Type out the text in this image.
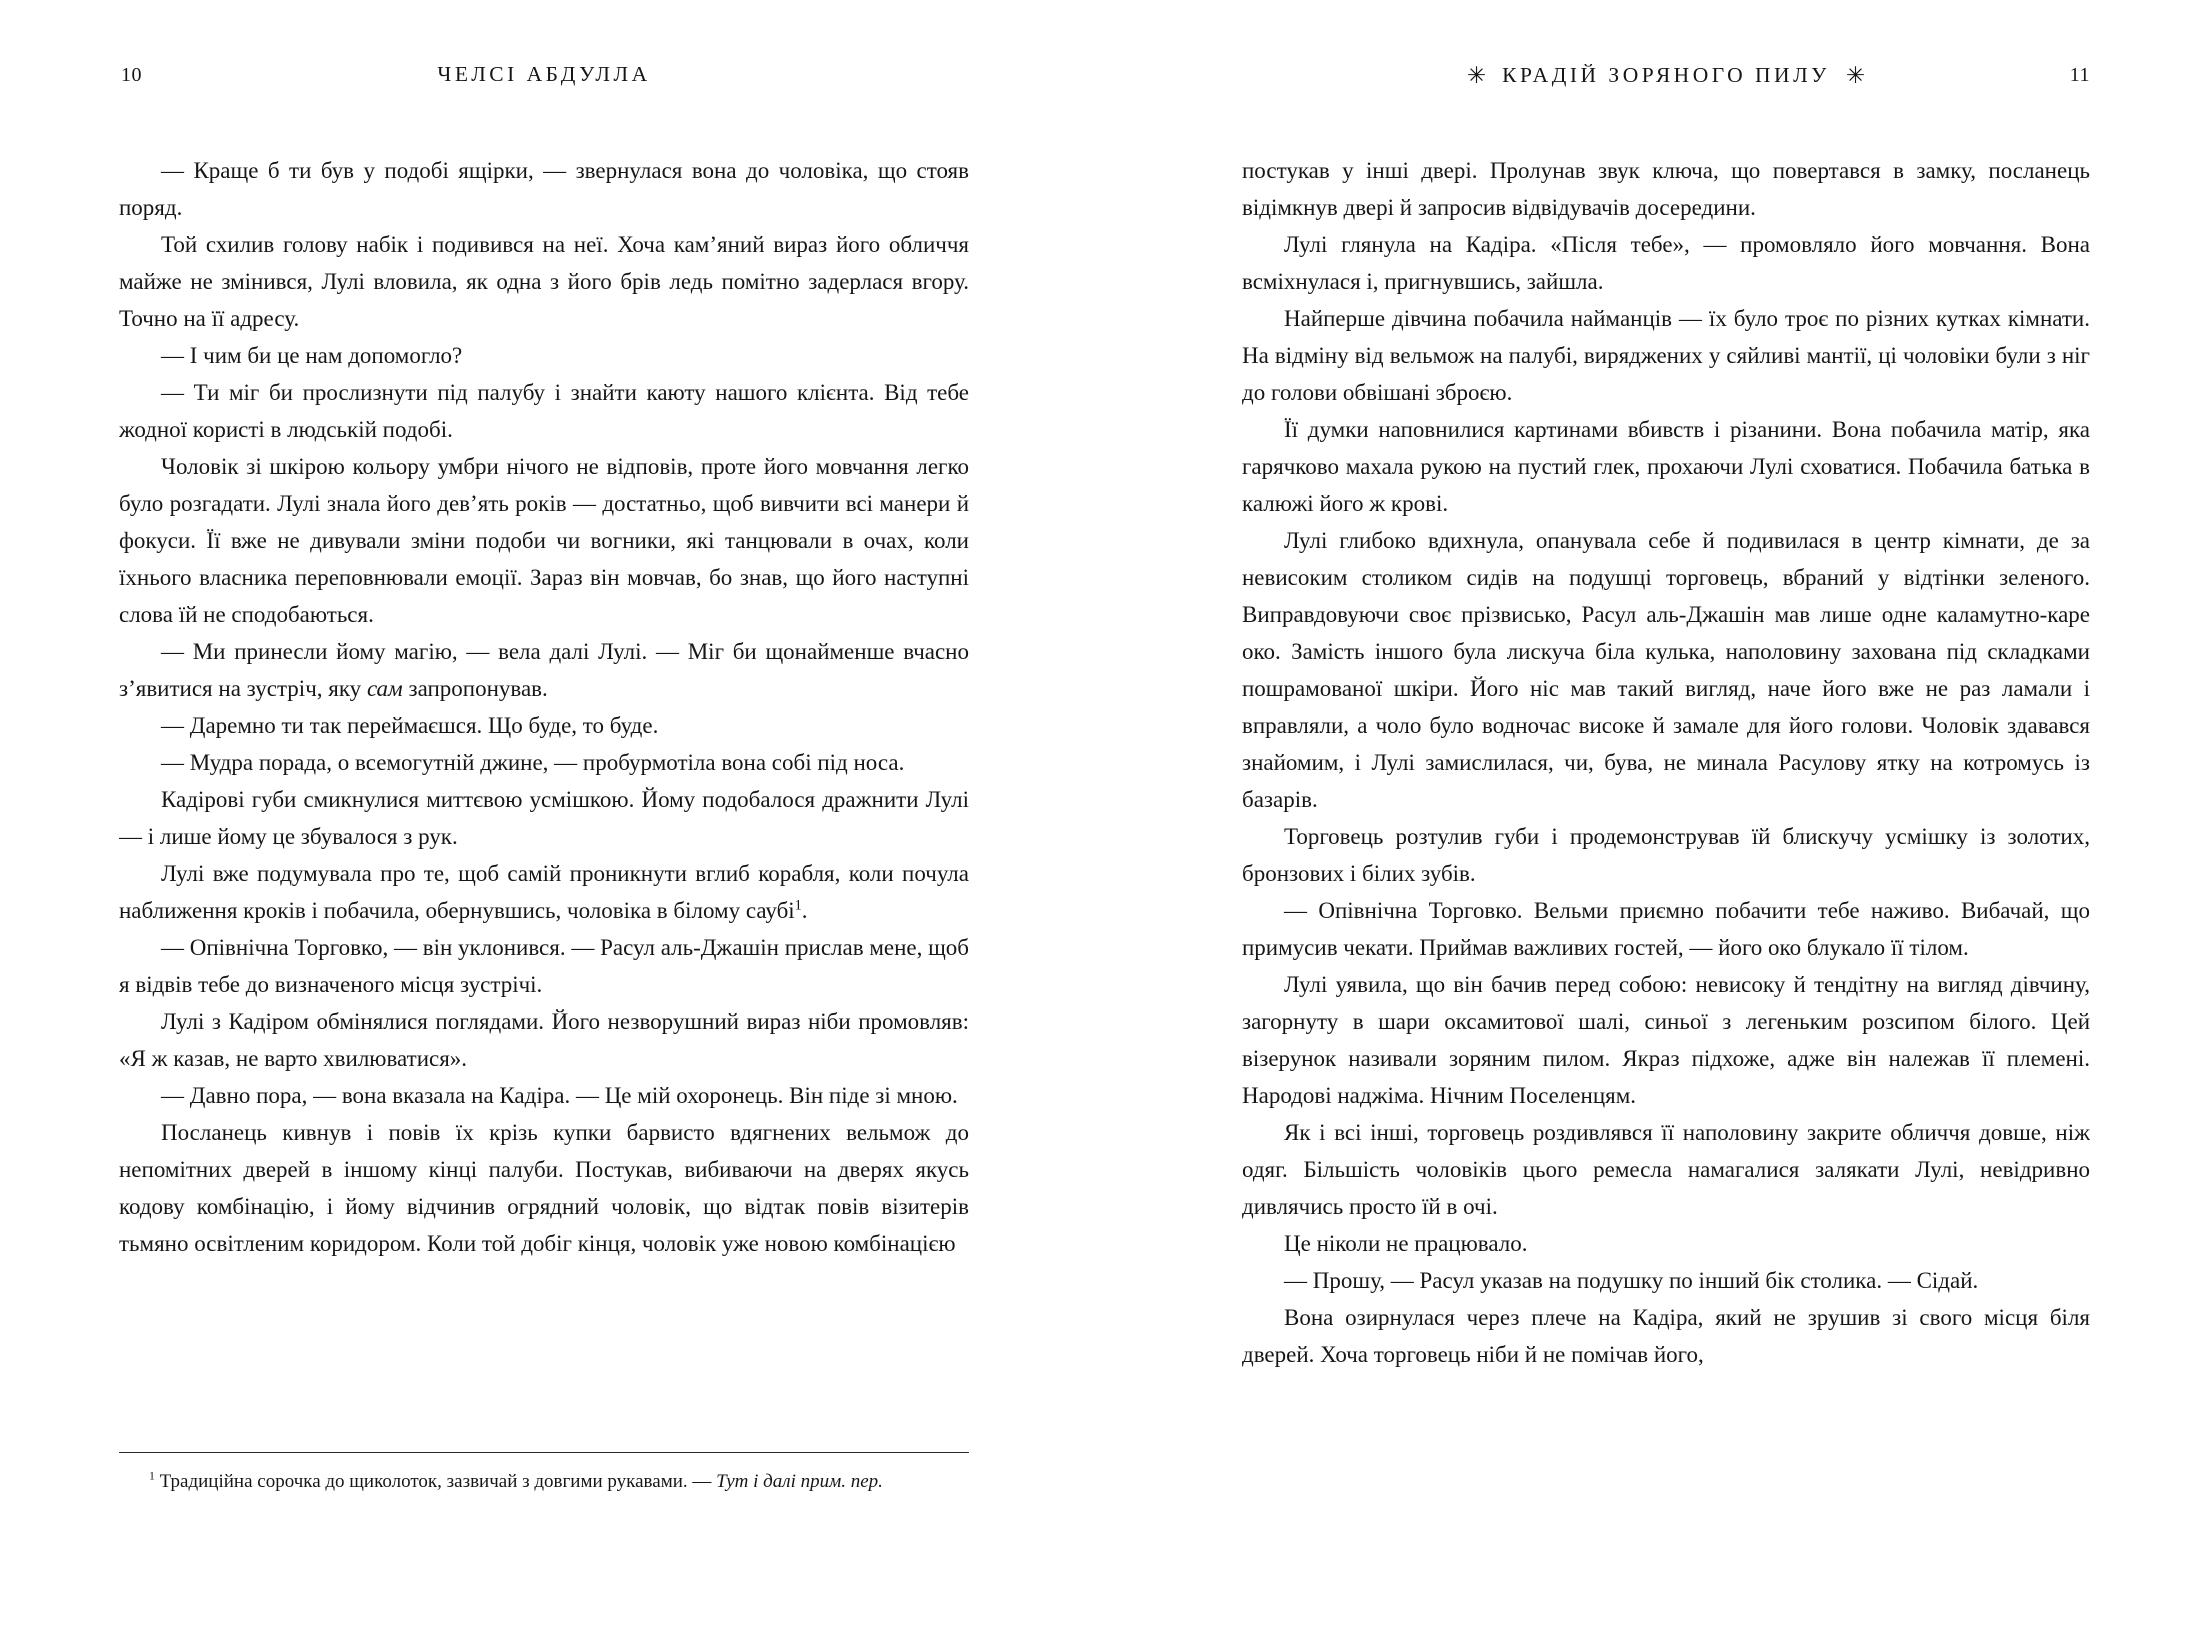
10	ЧЕЛСІ АБДУЛЛА

— Краще б ти був у подобі ящірки, — звернулася вона до чоловіка, що стояв поряд.

Той схилив голову набік і подивився на неї. Хоча кам’яний вираз його обличчя майже не змінився, Лулі вловила, як одна з його брів ледь помітно задерлася вгору. Точно на її адресу.

— І чим би це нам допомогло?

— Ти міг би прослизнути під палубу і знайти каюту нашого клієнта. Від тебе жодної користі в людській подобі.

Чоловік зі шкірою кольору умбри нічого не відповів, проте його мовчання легко було розгадати. Лулі знала його дев’ять років — достатньо, щоб вивчити всі манери й фокуси. Її вже не дивували зміни подоби чи вогники, які танцювали в очах, коли їхнього власника переповнювали емоції. Зараз він мовчав, бо знав, що його наступні слова їй не сподобаються.

— Ми принесли йому магію, — вела далі Лулі. — Міг би щонайменше вчасно з’явитися на зустріч, яку сам запропонував.

— Даремно ти так переймаєшся. Що буде, то буде.

— Мудра порада, о всемогутній джине, — пробурмотіла вона собі під носа.

Кадірові губи смикнулися миттєвою усмішкою. Йому подобалося дражнити Лулі — і лише йому це збувалося з рук.

Лулі вже подумувала про те, щоб самій проникнути вглиб корабля, коли почула наближення кроків і побачила, обернувшись, чоловіка в білому саубі$^1$.

— Опівнічна Торговко, — він уклонився. — Расул аль-Джашін прислав мене, щоб я відвів тебе до визначеного місця зустрічі.

Лулі з Кадіром обмінялися поглядами. Його незворушний вираз ніби промовляв: «Я ж казав, не варто хвилюватися».

— Давно пора, — вона вказала на Кадіра. — Це мій охоронець. Він піде зі мною.

Посланець кивнув і повів їх крізь купки барвисто вдягнених вельмож до непомітних дверей в іншому кінці палуби. Постукав, вибиваючи на дверях якусь кодову комбінацію, і йому відчинив огрядний чоловік, що відтак повів візитерів тьмяно освітленим коридором. Коли той добіг кінця, чоловік уже новою комбінацією

$^1$ Традиційна сорочка до щиколоток, зазвичай з довгими рукавами. — Тут і далі прим. пер.

✳ КРАДІЙ ЗОРЯНОГО ПИЛУ ✳	11

постукав у інші двері. Пролунав звук ключа, що повертався в замку, посланець відімкнув двері й запросив відвідувачів досередини.

Лулі глянула на Кадіра. «Після тебе», — промовляло його мовчання. Вона всміхнулася і, пригнувшись, зайшла.

Найперше дівчина побачила найманців — їх було троє по різних кутках кімнати. На відміну від вельмож на палубі, виряджених у сяйливі мантії, ці чоловіки були з ніг до голови обвішані зброєю.

Її думки наповнилися картинами вбивств і різанини. Вона побачила матір, яка гарячково махала рукою на пустий глек, прохаючи Лулі сховатися. Побачила батька в калюжі його ж крові.

Лулі глибоко вдихнула, опанувала себе й подивилася в центр кімнати, де за невисоким столиком сидів на подушці торговець, вбраний у відтінки зеленого. Виправдовуючи своє прізвисько, Расул аль-Джашін мав лише одне каламутно-каре око. Замість іншого була лискуча біла кулька, наполовину захована під складками пошрамованої шкіри. Його ніс мав такий вигляд, наче його вже не раз ламали і вправляли, а чоло було водночас високе й замале для його голови. Чоловік здавався знайомим, і Лулі замислилася, чи, бува, не минала Расулову ятку на котромусь із базарів.

Торговець розтулив губи і продемонстрував їй блискучу усмішку із золотих, бронзових і білих зубів.

— Опівнічна Торговко. Вельми приємно побачити тебе наживо. Вибачай, що примусив чекати. Приймав важливих гостей, — його око блукало її тілом.

Лулі уявила, що він бачив перед собою: невисоку й тендітну на вигляд дівчину, загорнуту в шари оксамитової шалі, синьої з легеньким розсипом білого. Цей візерунок називали зоряним пилом. Якраз підхоже, адже він належав її племені. Народові наджіма. Нічним Поселенцям.

Як і всі інші, торговець роздивлявся її наполовину закрите обличчя довше, ніж одяг. Більшість чоловіків цього ремесла намагалися залякати Лулі, невідривно дивлячись просто їй в очі.

Це ніколи не працювало.

— Прошу, — Расул указав на подушку по інший бік столика. — Сідай.

Вона озирнулася через плече на Кадіра, який не зрушив зі свого місця біля дверей. Хоча торговець ніби й не помічав його,
